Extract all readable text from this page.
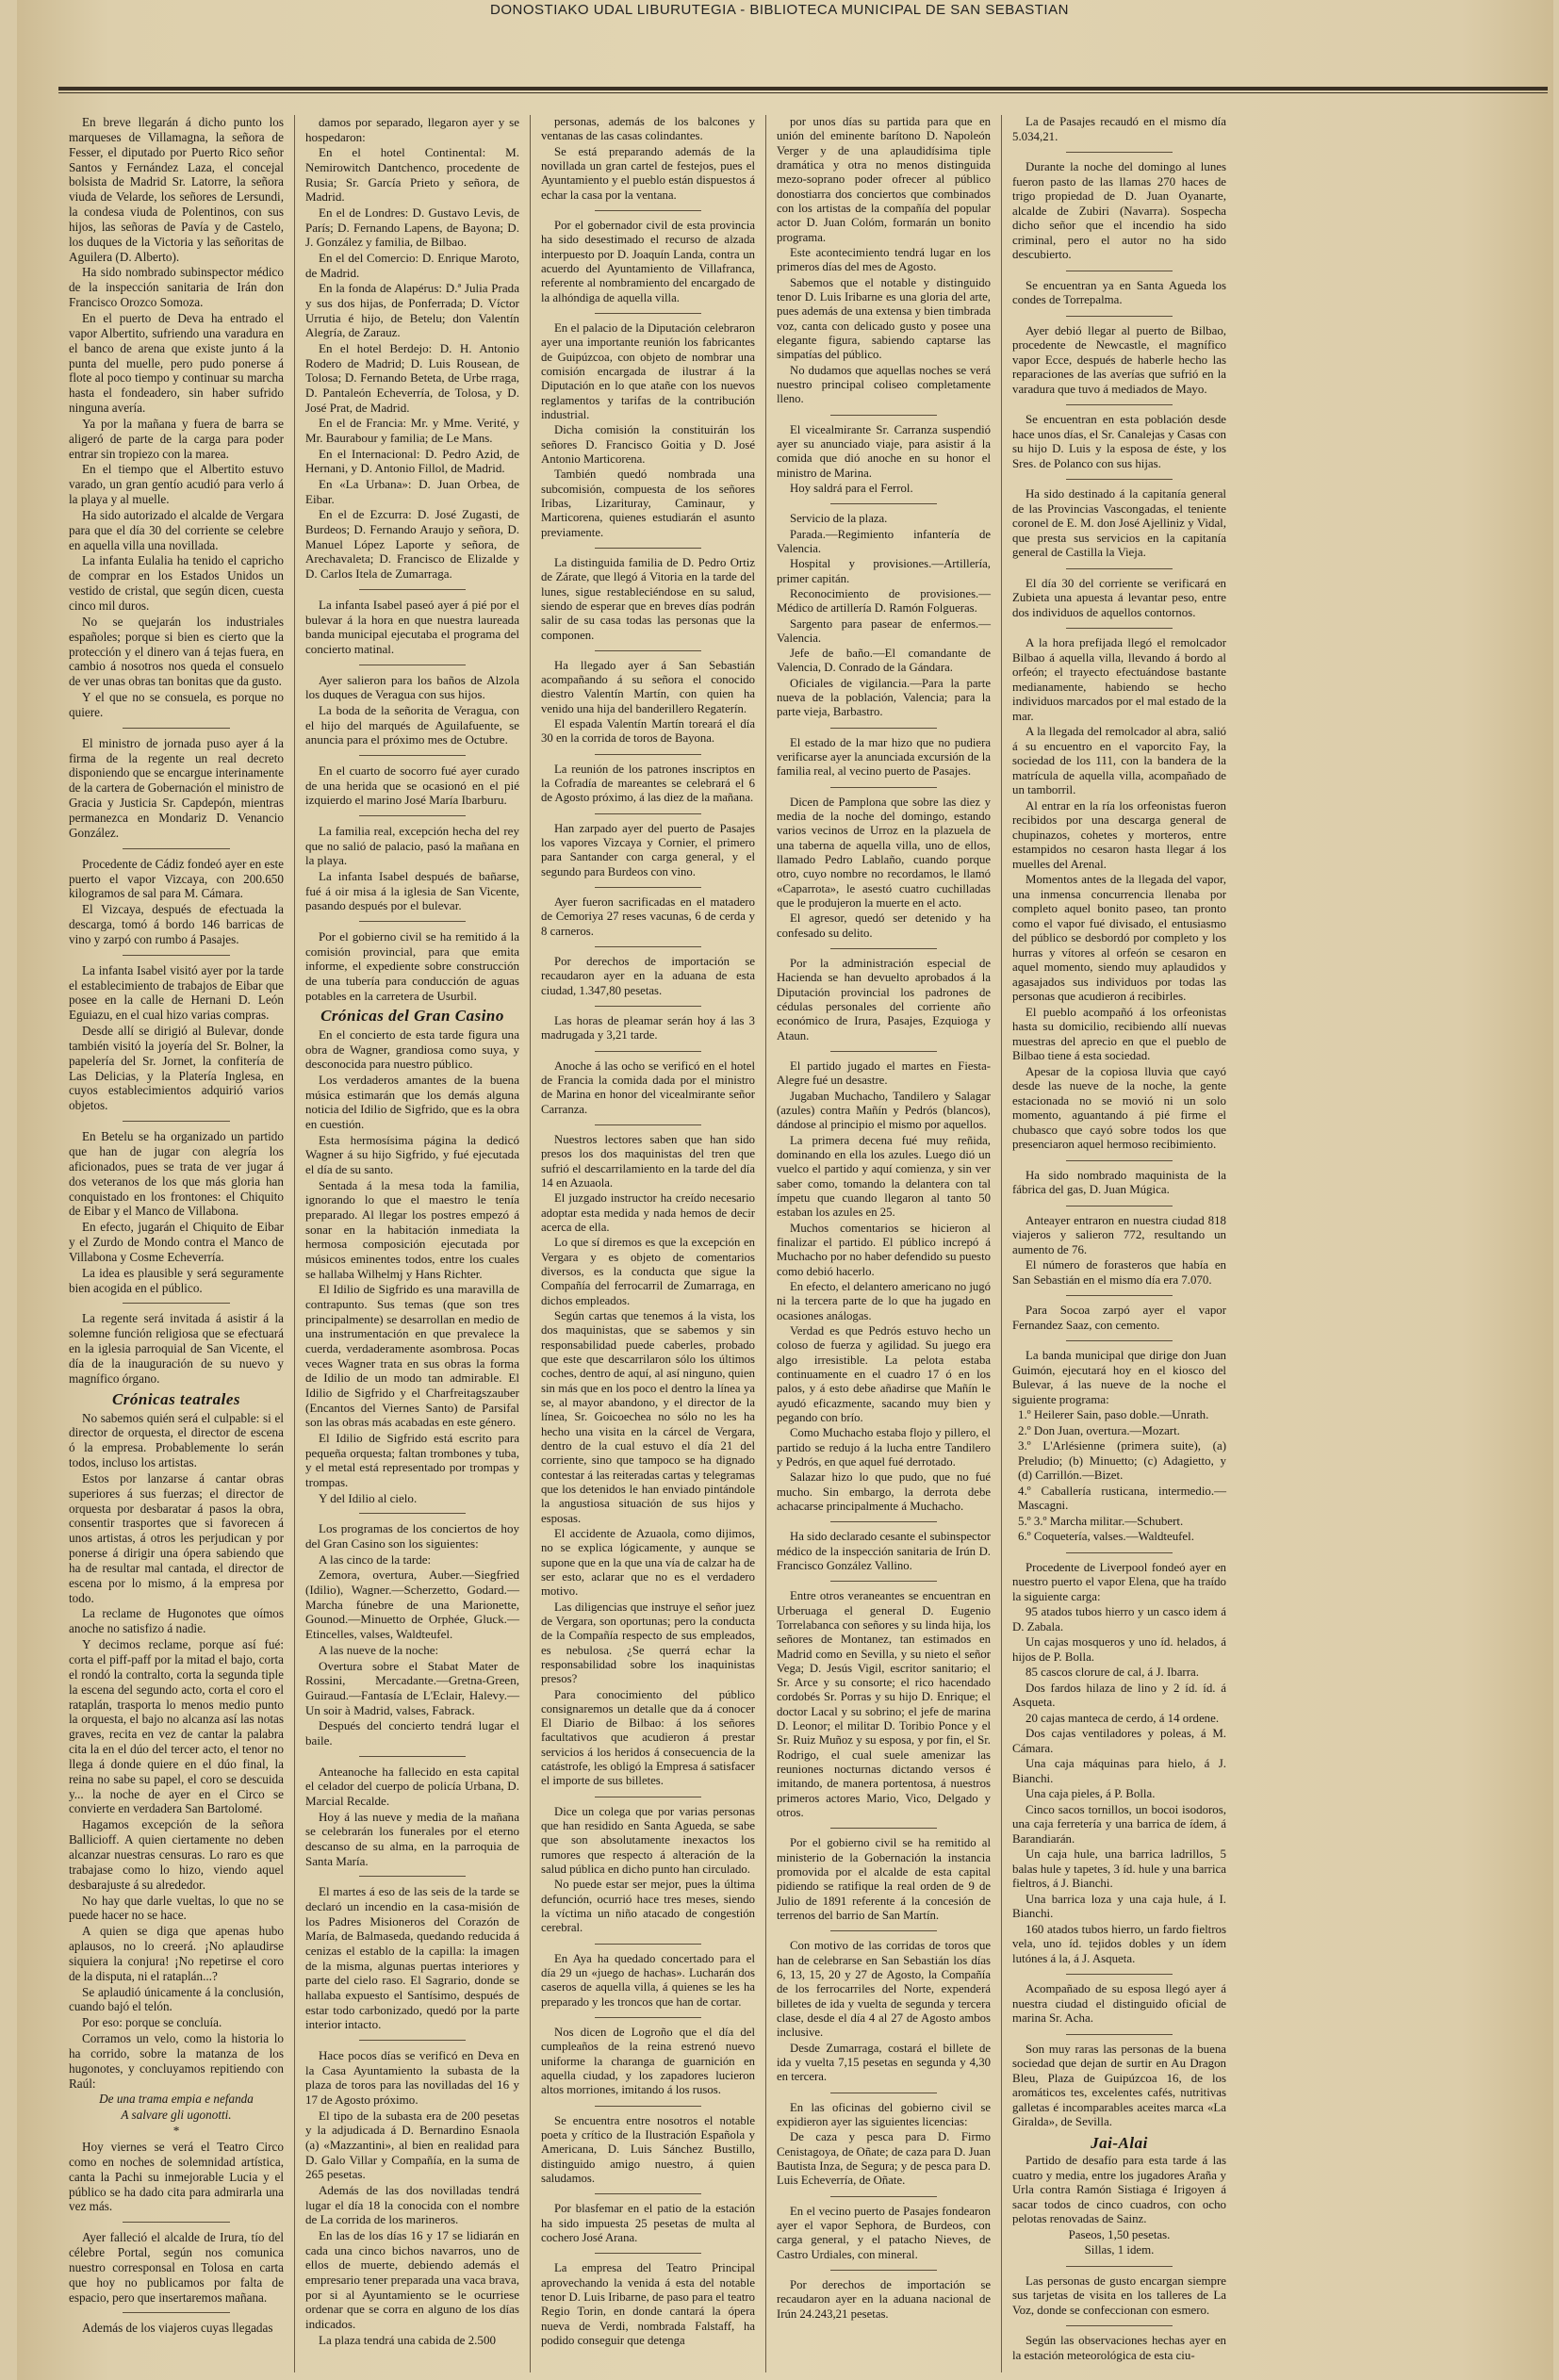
DONOSTIAKO UDAL LIBURUTEGIA - BIBLIOTECA MUNICIPAL DE SAN SEBASTIAN

En breve llegarán á dicho punto los marqueses de Villamagna, la señora de Fesser, el diputado por Puerto Rico señor Santos y Fernández Laza, el concejal bolsista de Madrid Sr. Latorre, la señora viuda de Velarde, los señores de Lersundi, la condesa viuda de Polentinos, con sus hijos, las señoras de Pavía y de Castelo, los duques de la Victoria y las señoritas de Aguilera (D. Alberto).

Ha sido nombrado subinspector médico de la inspección sanitaria de Irán don Francisco Orozco Somoza.

En el puerto de Deva ha entrado el vapor Albertito, sufriendo una varadura en el banco de arena que existe junto á la punta del muelle, pero pudo ponerse á flote al poco tiempo y continuar su marcha hasta el fondeadero, sin haber sufrido ninguna avería.

Ya por la mañana y fuera de barra se aligeró de parte de la carga para poder entrar sin tropiezo con la marea.

En el tiempo que el Albertito estuvo varado, un gran gentío acudió para verlo á la playa y al muelle.

Ha sido autorizado el alcalde de Vergara para que el día 30 del corriente se celebre en aquella villa una novillada.

La infanta Eulalia ha tenido el capricho de comprar en los Estados Unidos un vestido de cristal, que según dicen, cuesta cinco mil duros.

No se quejarán los industriales españoles; porque si bien es cierto que la protección y el dinero van á tejas fuera, en cambio á nosotros nos queda el consuelo de ver unas obras tan bonitas que da gusto.

Y el que no se consuela, es porque no quiere.

El ministro de jornada puso ayer á la firma de la regente un real decreto disponiendo que se encargue interinamente de la cartera de Gobernación el ministro de Gracia y Justicia Sr. Capdepón, mientras permanezca en Mondariz D. Venancio González.

Procedente de Cádiz fondeó ayer en este puerto el vapor Vizcaya, con 200.650 kilogramos de sal para M. Cámara.

El Vizcaya, después de efectuada la descarga, tomó á bordo 146 barricas de vino y zarpó con rumbo á Pasajes.

La infanta Isabel visitó ayer por la tarde el establecimiento de trabajos de Eibar que posee en la calle de Hernani D. León Eguiazu, en el cual hizo varias compras.

Desde allí se dirigió al Bulevar, donde también visitó la joyería del Sr. Bolner, la papelería del Sr. Jornet, la confitería de Las Delicias, y la Platería Inglesa, en cuyos establecimientos adquirió varios objetos.

En Betelu se ha organizado un partido que han de jugar con alegría los aficionados, pues se trata de ver jugar á dos veteranos de los que más gloria han conquistado en los frontones: el Chiquito de Eibar y el Manco de Villabona.

En efecto, jugarán el Chiquito de Eibar y el Zurdo de Mondo contra el Manco de Villabona y Cosme Echeverría.

La idea es plausible y será seguramente bien acogida en el público.

La regente será invitada á asistir á la solemne función religiosa que se efectuará en la iglesia parroquial de San Vicente, el día de la inauguración de su nuevo y magnífico órgano.

Crónicas teatrales

No sabemos quién será el culpable: si el director de orquesta, el director de escena ó la empresa. Probablemente lo serán todos, incluso los artistas.

Estos por lanzarse á cantar obras superiores á sus fuerzas; el director de orquesta por desbaratar á pasos la obra, consentir trasportes que si favorecen á unos artistas, á otros les perjudican y por ponerse á dirigir una ópera sabiendo que ha de resultar mal cantada, el director de escena por lo mismo, á la empresa por todo.

La reclame de Hugonotes que oímos anoche no satisfizo á nadie.

Y decimos reclame, porque así fué: corta el piff-paff por la mitad el bajo, corta el rondó la contralto, corta la segunda tiple la escena del segundo acto, corta el coro el rataplán, trasporta lo menos medio punto la orquesta, el bajo no alcanza así las notas graves, recita en vez de cantar la palabra cita la en el dúo del tercer acto, el tenor no llega á donde quiere en el dúo final, la reina no sabe su papel, el coro se descuida y... la noche de ayer en el Circo se convierte en verdadera San Bartolomé.

Hagamos excepción de la señora Ballicioff. A quien ciertamente no deben alcanzar nuestras censuras. Lo raro es que trabajase como lo hizo, viendo aquel desbarajuste á su alrededor.

No hay que darle vueltas, lo que no se puede hacer no se hace.

A quien se diga que apenas hubo aplausos, no lo creerá. ¡No aplaudirse siquiera la conjura! ¡No repetirse el coro de la disputa, ni el rataplán...?

Se aplaudió únicamente á la conclusión, cuando bajó el telón.

Por eso: porque se concluía.

Corramos un velo, como la historia lo ha corrido, sobre la matanza de los hugonotes, y concluyamos repitiendo con Raúl:

De una trama empia e nefanda

A salvare gli ugonotti.

*

Hoy viernes se verá el Teatro Circo como en noches de solemnidad artística, canta la Pachi su inmejorable Lucia y el público se ha dado cita para admirarla una vez más.

Ayer falleció el alcalde de Irura, tío del célebre Portal, según nos comunica nuestro corresponsal en Tolosa en carta que hoy no publicamos por falta de espacio, pero que insertaremos mañana.

Además de los viajeros cuyas llegadas

damos por separado, llegaron ayer y se hospedaron:

En el hotel Continental: M. Nemirowitch Dantchenco, procedente de Rusia; Sr. García Prieto y señora, de Madrid.

En el de Londres: D. Gustavo Levis, de París; D. Fernando Lapens, de Bayona; D. J. González y familia, de Bilbao.

En el del Comercio: D. Enrique Maroto, de Madrid.

En la fonda de Alapérus: D.ª Julia Prada y sus dos hijas, de Ponferrada; D. Víctor Urrutia é hijo, de Betelu; don Valentín Alegría, de Zarauz.

En el hotel Berdejo: D. H. Antonio Rodero de Madrid; D. Luis Rousean, de Tolosa; D. Fernando Beteta, de Urbe rraga, D. Pantaleón Echeverría, de Tolosa, y D. José Prat, de Madrid.

En el de Francia: Mr. y Mme. Verité, y Mr. Baurabour y familia; de Le Mans.

En el Internacional: D. Pedro Azid, de Hernani, y D. Antonio Fillol, de Madrid.

En «La Urbana»: D. Juan Orbea, de Eibar.

En el de Ezcurra: D. José Zugasti, de Burdeos; D. Fernando Araujo y señora, D. Manuel López Laporte y señora, de Arechavaleta; D. Francisco de Elizalde y D. Carlos Itela de Zumarraga.

La infanta Isabel paseó ayer á pié por el bulevar á la hora en que nuestra laureada banda municipal ejecutaba el programa del concierto matinal.

Ayer salieron para los baños de Alzola los duques de Veragua con sus hijos.

La boda de la señorita de Veragua, con el hijo del marqués de Aguilafuente, se anuncia para el próximo mes de Octubre.

En el cuarto de socorro fué ayer curado de una herida que se ocasionó en el pié izquierdo el marino José María Ibarburu.

La familia real, excepción hecha del rey que no salió de palacio, pasó la mañana en la playa.

La infanta Isabel después de bañarse, fué á oir misa á la iglesia de San Vicente, pasando después por el bulevar.

Por el gobierno civil se ha remitido á la comisión provincial, para que emita informe, el expediente sobre construcción de una tubería para conducción de aguas potables en la carretera de Usurbil.

Crónicas del Gran Casino

En el concierto de esta tarde figura una obra de Wagner, grandiosa como suya, y desconocida para nuestro público.

Los verdaderos amantes de la buena música estimarán que los demás alguna noticia del Idilio de Sigfrido, que es la obra en cuestión.

Esta hermosísima página la dedicó Wagner á su hijo Sigfrido, y fué ejecutada el día de su santo.

Sentada á la mesa toda la familia, ignorando lo que el maestro le tenía preparado. Al llegar los postres empezó á sonar en la habitación inmediata la hermosa composición ejecutada por músicos eminentes todos, entre los cuales se hallaba Wilhelmj y Hans Richter.

El Idilio de Sigfrido es una maravilla de contrapunto. Sus temas (que son tres principalmente) se desarrollan en medio de una instrumentación en que prevalece la cuerda, verdaderamente asombrosa. Pocas veces Wagner trata en sus obras la forma de Idilio de un modo tan admirable. El Idilio de Sigfrido y el Charfreitagszauber (Encantos del Viernes Santo) de Parsifal son las obras más acabadas en este género.

El Idilio de Sigfrido está escrito para pequeña orquesta; faltan trombones y tuba, y el metal está representado por trompas y trompas.

Y del Idilio al cielo.

Los programas de los conciertos de hoy del Gran Casino son los siguientes:

A las cinco de la tarde:

Zemora, overtura, Auber.—Siegfried (Idilio), Wagner.—Scherzetto, Godard.—Marcha fúnebre de una Marionette, Gounod.—Minuetto de Orphée, Gluck.—Etincelles, valses, Waldteufel.

A las nueve de la noche:

Overtura sobre el Stabat Mater de Rossini, Mercadante.—Gretna-Green, Guiraud.—Fantasía de L'Eclair, Halevy.—Un soir à Madrid, valses, Fabrack.

Después del concierto tendrá lugar el baile.

Anteanoche ha fallecido en esta capital el celador del cuerpo de policía Urbana, D. Marcial Recalde.

Hoy á las nueve y media de la mañana se celebrarán los funerales por el eterno descanso de su alma, en la parroquia de Santa María.

El martes á eso de las seis de la tarde se declaró un incendio en la casa-misión de los Padres Misioneros del Corazón de María, de Balmaseda, quedando reducida á cenizas el establo de la capilla: la imagen de la misma, algunas puertas interiores y parte del cielo raso. El Sagrario, donde se hallaba expuesto el Santísimo, después de estar todo carbonizado, quedó por la parte interior intacto.

Hace pocos días se verificó en Deva en la Casa Ayuntamiento la subasta de la plaza de toros para las novilladas del 16 y 17 de Agosto próximo.

El tipo de la subasta era de 200 pesetas y la adjudicada á D. Bernardino Esnaola (a) «Mazzantini», al bien en realidad para D. Galo Villar y Compañía, en la suma de 265 pesetas.

Además de las dos novilladas tendrá lugar el día 18 la conocida con el nombre de La corrida de los marineros.

En las de los días 16 y 17 se lidiarán en cada una cinco bichos navarros, uno de ellos de muerte, debiendo además el empresario tener preparada una vaca brava, por si al Ayuntamiento se le ocurriese ordenar que se corra en alguno de los días indicados.

La plaza tendrá una cabida de 2.500

personas, además de los balcones y ventanas de las casas colindantes.

Se está preparando además de la novillada un gran cartel de festejos, pues el Ayuntamiento y el pueblo están dispuestos á echar la casa por la ventana.

Por el gobernador civil de esta provincia ha sido desestimado el recurso de alzada interpuesto por D. Joaquín Landa, contra un acuerdo del Ayuntamiento de Villafranca, referente al nombramiento del encargado de la alhóndiga de aquella villa.

En el palacio de la Diputación celebraron ayer una importante reunión los fabricantes de Guipúzcoa, con objeto de nombrar una comisión encargada de ilustrar á la Diputación en lo que atañe con los nuevos reglamentos y tarifas de la contribución industrial.

Dicha comisión la constituirán los señores D. Francisco Goitia y D. José Antonio Marticorena.

También quedó nombrada una subcomisión, compuesta de los señores Iribas, Lizarituray, Caminaur, y Marticorena, quienes estudiarán el asunto previamente.

La distinguida familia de D. Pedro Ortiz de Zárate, que llegó á Vitoria en la tarde del lunes, sigue restableciéndose en su salud, siendo de esperar que en breves días podrán salir de su casa todas las personas que la componen.

Ha llegado ayer á San Sebastián acompañando á su señora el conocido diestro Valentín Martín, con quien ha venido una hija del banderillero Regaterín.

El espada Valentín Martín toreará el día 30 en la corrida de toros de Bayona.

La reunión de los patrones inscriptos en la Cofradía de mareantes se celebrará el 6 de Agosto próximo, á las diez de la mañana.

Han zarpado ayer del puerto de Pasajes los vapores Vizcaya y Cornier, el primero para Santander con carga general, y el segundo para Burdeos con vino.

Ayer fueron sacrificadas en el matadero de Cemoriya 27 reses vacunas, 6 de cerda y 8 carneros.

Por derechos de importación se recaudaron ayer en la aduana de esta ciudad, 1.347,80 pesetas.

Las horas de pleamar serán hoy á las 3 madrugada y 3,21 tarde.

Anoche á las ocho se verificó en el hotel de Francia la comida dada por el ministro de Marina en honor del vicealmirante señor Carranza.

Nuestros lectores saben que han sido presos los dos maquinistas del tren que sufrió el descarrilamiento en la tarde del día 14 en Azuaola.

El juzgado instructor ha creído necesario adoptar esta medida y nada hemos de decir acerca de ella.

Lo que sí diremos es que la excepción en Vergara y es objeto de comentarios diversos, es la conducta que sigue la Compañía del ferrocarril de Zumarraga, en dichos empleados.

Según cartas que tenemos á la vista, los dos maquinistas, que se sabemos y sin responsabilidad puede caberles, probado que este que descarrilaron sólo los últimos coches, dentro de aquí, al así ninguno, quien sin más que en los poco el dentro la línea ya se, al mayor abandono, y el director de la línea, Sr. Goicoechea no sólo no les ha hecho una visita en la cárcel de Vergara, dentro de la cual estuvo el día 21 del corriente, sino que tampoco se ha dignado contestar á las reiteradas cartas y telegramas que los detenidos le han enviado pintándole la angustiosa situación de sus hijos y esposas.

El accidente de Azuaola, como dijimos, no se explica lógicamente, y aunque se supone que en la que una vía de calzar ha de ser esto, aclarar que no es el verdadero motivo.

Las diligencias que instruye el señor juez de Vergara, son oportunas; pero la conducta de la Compañía respecto de sus empleados, es nebulosa. ¿Se querrá echar la responsabilidad sobre los inaquinistas presos?

Para conocimiento del público consignaremos un detalle que da á conocer El Diario de Bilbao: á los señores facultativos que acudieron á prestar servicios á los heridos á consecuencia de la catástrofe, les obligó la Empresa á satisfacer el importe de sus billetes.

Dice un colega que por varias personas que han residido en Santa Agueda, se sabe que son absolutamente inexactos los rumores que respecto á alteración de la salud pública en dicho punto han circulado.

No puede estar ser mejor, pues la última defunción, ocurrió hace tres meses, siendo la víctima un niño atacado de congestión cerebral.

En Aya ha quedado concertado para el día 29 un «juego de hachas». Lucharán dos caseros de aquella villa, á quienes se les ha preparado y les troncos que han de cortar.

Nos dicen de Logroño que el día del cumpleaños de la reina estrenó nuevo uniforme la charanga de guarnición en aquella ciudad, y los zapadores lucieron altos morriones, imitando á los rusos.

Se encuentra entre nosotros el notable poeta y crítico de la Ilustración Española y Americana, D. Luis Sánchez Bustillo, distinguido amigo nuestro, á quien saludamos.

Por blasfemar en el patio de la estación ha sido impuesta 25 pesetas de multa al cochero José Arana.

La empresa del Teatro Principal aprovechando la venida á esta del notable tenor D. Luis Iribarne, de paso para el teatro Regio Torin, en donde cantará la ópera nueva de Verdi, nombrada Falstaff, ha podido conseguir que detenga

por unos días su partida para que en unión del eminente barítono D. Napoleón Verger y de una aplaudidísima tiple dramática y otra no menos distinguida mezo-soprano poder ofrecer al público donostiarra dos conciertos que combinados con los artistas de la compañía del popular actor D. Juan Colóm, formarán un bonito programa.

Este acontecimiento tendrá lugar en los primeros días del mes de Agosto.

Sabemos que el notable y distinguido tenor D. Luis Iribarne es una gloria del arte, pues además de una extensa y bien timbrada voz, canta con delicado gusto y posee una elegante figura, sabiendo captarse las simpatías del público.

No dudamos que aquellas noches se verá nuestro principal coliseo completamente lleno.

El vicealmirante Sr. Carranza suspendió ayer su anunciado viaje, para asistir á la comida que dió anoche en su honor el ministro de Marina.

Hoy saldrá para el Ferrol.

Servicio de la plaza.

Parada.—Regimiento infantería de Valencia.

Hospital y provisiones.—Artillería, primer capitán.

Reconocimiento de provisiones.—Médico de artillería D. Ramón Folgueras.

Sargento para pasear de enfermos.—Valencia.

Jefe de baño.—El comandante de Valencia, D. Conrado de la Gándara.

Oficiales de vigilancia.—Para la parte nueva de la población, Valencia; para la parte vieja, Barbastro.

El estado de la mar hizo que no pudiera verificarse ayer la anunciada excursión de la familia real, al vecino puerto de Pasajes.

Dicen de Pamplona que sobre las diez y media de la noche del domingo, estando varios vecinos de Urroz en la plazuela de una taberna de aquella villa, uno de ellos, llamado Pedro Lablaño, cuando porque otro, cuyo nombre no recordamos, le llamó «Caparrota», le asestó cuatro cuchilladas que le produjeron la muerte en el acto.

El agresor, quedó ser detenido y ha confesado su delito.

Por la administración especial de Hacienda se han devuelto aprobados á la Diputación provincial los padrones de cédulas personales del corriente año económico de Irura, Pasajes, Ezquioga y Ataun.

El partido jugado el martes en Fiesta-Alegre fué un desastre.

Jugaban Muchacho, Tandilero y Salagar (azules) contra Mañín y Pedrós (blancos), dándose al principio el mismo por aquellos.

La primera decena fué muy reñida, dominando en ella los azules. Luego dió un vuelco el partido y aquí comienza, y sin ver saber como, tomando la delantera con tal ímpetu que cuando llegaron al tanto 50 estaban los azules en 25.

Muchos comentarios se hicieron al finalizar el partido. El público increpó á Muchacho por no haber defendido su puesto como debió hacerlo.

En efecto, el delantero americano no jugó ni la tercera parte de lo que ha jugado en ocasiones análogas.

Verdad es que Pedrós estuvo hecho un coloso de fuerza y agilidad. Su juego era algo irresistible. La pelota estaba continuamente en el cuadro 17 ó en los palos, y á esto debe añadirse que Mañín le ayudó eficazmente, sacando muy bien y pegando con brío.

Como Muchacho estaba flojo y pillero, el partido se redujo á la lucha entre Tandilero y Pedrós, en que aquel fué derrotado.

Salazar hizo lo que pudo, que no fué mucho. Sin embargo, la derrota debe achacarse principalmente á Muchacho.

Ha sido declarado cesante el subinspector médico de la inspección sanitaria de Irún D. Francisco González Vallino.

Entre otros veraneantes se encuentran en Urberuaga el general D. Eugenio Torrelabanca con señores y su linda hija, los señores de Montanez, tan estimados en Madrid como en Sevilla, y su nieto el señor Vega; D. Jesús Vigil, escritor sanitario; el Sr. Arce y su consorte; el rico hacendado cordobés Sr. Porras y su hijo D. Enrique; el doctor Lacal y su sobrino; el jefe de marina D. Leonor; el militar D. Toribio Ponce y el Sr. Ruiz Muñoz y su esposa, y por fin, el Sr. Rodrigo, el cual suele amenizar las reuniones nocturnas dictando versos é imitando, de manera portentosa, á nuestros primeros actores Mario, Vico, Delgado y otros.

Por el gobierno civil se ha remitido al ministerio de la Gobernación la instancia promovida por el alcalde de esta capital pidiendo se ratifique la real orden de 9 de Julio de 1891 referente á la concesión de terrenos del barrio de San Martín.

Con motivo de las corridas de toros que han de celebrarse en San Sebastián los días 6, 13, 15, 20 y 27 de Agosto, la Compañía de los ferrocarriles del Norte, expenderá billetes de ida y vuelta de segunda y tercera clase, desde el día 4 al 27 de Agosto ambos inclusive.

Desde Zumarraga, costará el billete de ida y vuelta 7,15 pesetas en segunda y 4,30 en tercera.

En las oficinas del gobierno civil se expidieron ayer las siguientes licencias:

De caza y pesca para D. Firmo Cenistagoya, de Oñate; de caza para D. Juan Bautista Inza, de Segura; y de pesca para D. Luis Echeverría, de Oñate.

En el vecino puerto de Pasajes fondearon ayer el vapor Sephora, de Burdeos, con carga general, y el patacho Nieves, de Castro Urdiales, con mineral.

Por derechos de importación se recaudaron ayer en la aduana nacional de Irún 24.243,21 pesetas.

La de Pasajes recaudó en el mismo día 5.034,21.

Durante la noche del domingo al lunes fueron pasto de las llamas 270 haces de trigo propiedad de D. Juan Oyanarte, alcalde de Zubiri (Navarra). Sospecha dicho señor que el incendio ha sido criminal, pero el autor no ha sido descubierto.

Se encuentran ya en Santa Agueda los condes de Torrepalma.

Ayer debió llegar al puerto de Bilbao, procedente de Newcastle, el magnífico vapor Ecce, después de haberle hecho las reparaciones de las averías que sufrió en la varadura que tuvo á mediados de Mayo.

Se encuentran en esta población desde hace unos días, el Sr. Canalejas y Casas con su hijo D. Luis y la esposa de éste, y los Sres. de Polanco con sus hijas.

Ha sido destinado á la capitanía general de las Provincias Vascongadas, el teniente coronel de E. M. don José Ajelliniz y Vidal, que presta sus servicios en la capitanía general de Castilla la Vieja.

El día 30 del corriente se verificará en Zubieta una apuesta á levantar peso, entre dos individuos de aquellos contornos.

A la hora prefijada llegó el remolcador Bilbao á aquella villa, llevando á bordo al orfeón; el trayecto efectuándose bastante medianamente, habiendo se hecho individuos marcados por el mal estado de la mar.

A la llegada del remolcador al abra, salió á su encuentro en el vaporcito Fay, la sociedad de los 111, con la bandera de la matrícula de aquella villa, acompañado de un tamborril.

Al entrar en la ría los orfeonistas fueron recibidos por una descarga general de chupinazos, cohetes y morteros, entre estampidos no cesaron hasta llegar á los muelles del Arenal.

Momentos antes de la llegada del vapor, una inmensa concurrencia llenaba por completo aquel bonito paseo, tan pronto como el vapor fué divisado, el entusiasmo del público se desbordó por completo y los hurras y vítores al orfeón se cesaron en aquel momento, siendo muy aplaudidos y agasajados sus individuos por todas las personas que acudieron á recibirles.

El pueblo acompañó á los orfeonistas hasta su domicilio, recibiendo allí nuevas muestras del aprecio en que el pueblo de Bilbao tiene á esta sociedad.

Apesar de la copiosa lluvia que cayó desde las nueve de la noche, la gente estacionada no se movió ni un solo momento, aguantando á pié firme el chubasco que cayó sobre todos los que presenciaron aquel hermoso recibimiento.

Ha sido nombrado maquinista de la fábrica del gas, D. Juan Múgica.

Anteayer entraron en nuestra ciudad 818 viajeros y salieron 772, resultando un aumento de 76.

El número de forasteros que había en San Sebastián en el mismo día era 7.070.

Para Socoa zarpó ayer el vapor Fernandez Saaz, con cemento.

La banda municipal que dirige don Juan Guimón, ejecutará hoy en el kiosco del Bulevar, á las nueve de la noche el siguiente programa:

1.º Heilerer Sain, paso doble.—Unrath.

2.º Don Juan, overtura.—Mozart.

3.º L'Arlésienne (primera suite), (a) Preludio; (b) Minuetto; (c) Adagietto, y (d) Carrillón.—Bizet.

4.º Caballería rusticana, intermedio.—Mascagni.

5.º 3.º Marcha militar.—Schubert.

6.º Coquetería, valses.—Waldteufel.

Procedente de Liverpool fondeó ayer en nuestro puerto el vapor Elena, que ha traído la siguiente carga:

95 atados tubos hierro y un casco idem á D. Zabala.

Un cajas mosqueros y uno íd. helados, á hijos de P. Bolla.

85 cascos clorure de cal, á J. Ibarra.

Dos fardos hilaza de lino y 2 íd. íd. á Asqueta.

20 cajas manteca de cerdo, á 14 ordene.

Dos cajas ventiladores y poleas, á M. Cámara.

Una caja máquinas para hielo, á J. Bianchi.

Una caja pieles, á P. Bolla.

Cinco sacos tornillos, un bocoi isodoros, una caja ferretería y una barrica de ídem, á Barandiarán.

Un caja hule, una barrica ladrillos, 5 balas hule y tapetes, 3 íd. hule y una barrica fieltros, á J. Bianchi.

Una barrica loza y una caja hule, á I. Bianchi.

160 atados tubos hierro, un fardo fieltros vela, uno íd. tejidos dobles y un ídem lutónes á la, á J. Asqueta.

Acompañado de su esposa llegó ayer á nuestra ciudad el distinguido oficial de marina Sr. Acha.

Son muy raras las personas de la buena sociedad que dejan de surtir en Au Dragon Bleu, Plaza de Guipúzcoa 16, de los aromáticos tes, excelentes cafés, nutritivas galletas é incomparables aceites marca «La Giralda», de Sevilla.

Jai-Alai

Partido de desafío para esta tarde á las cuatro y media, entre los jugadores Araña y Urla contra Ramón Sistiaga é Irigoyen á sacar todos de cinco cuadros, con ocho pelotas renovadas de Sainz.

Paseos, 1,50 pesetas.

Sillas, 1 idem.

Las personas de gusto encargan siempre sus tarjetas de visita en los talleres de La Voz, donde se confeccionan con esmero.

Según las observaciones hechas ayer en la estación meteorológica de esta ciu-
